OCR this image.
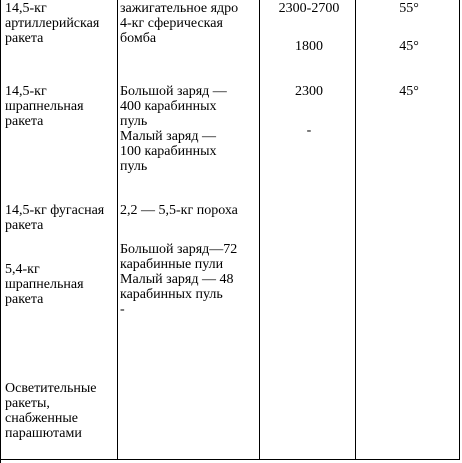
14,5-кг
артиллерийская
ракета
зажигательное ядро
4-кг сферическая
бомба
2300-2700
1800
55°
45°
14,5-кг
шрапнельная
ракета
Большой заряд —
400 карабинных
пуль
Малый заряд —
100 карабинных
пуль
2300
-
45°
14,5-кг фугасная
ракета
2,2 — 5,5-кг пороха
5,4-кг
шрапнельная
ракета
Большой заряд—72
карабинные пули
Малый заряд — 48
карабинных пуль
-
Осветительные
ракеты,
снабженные
парашютами
